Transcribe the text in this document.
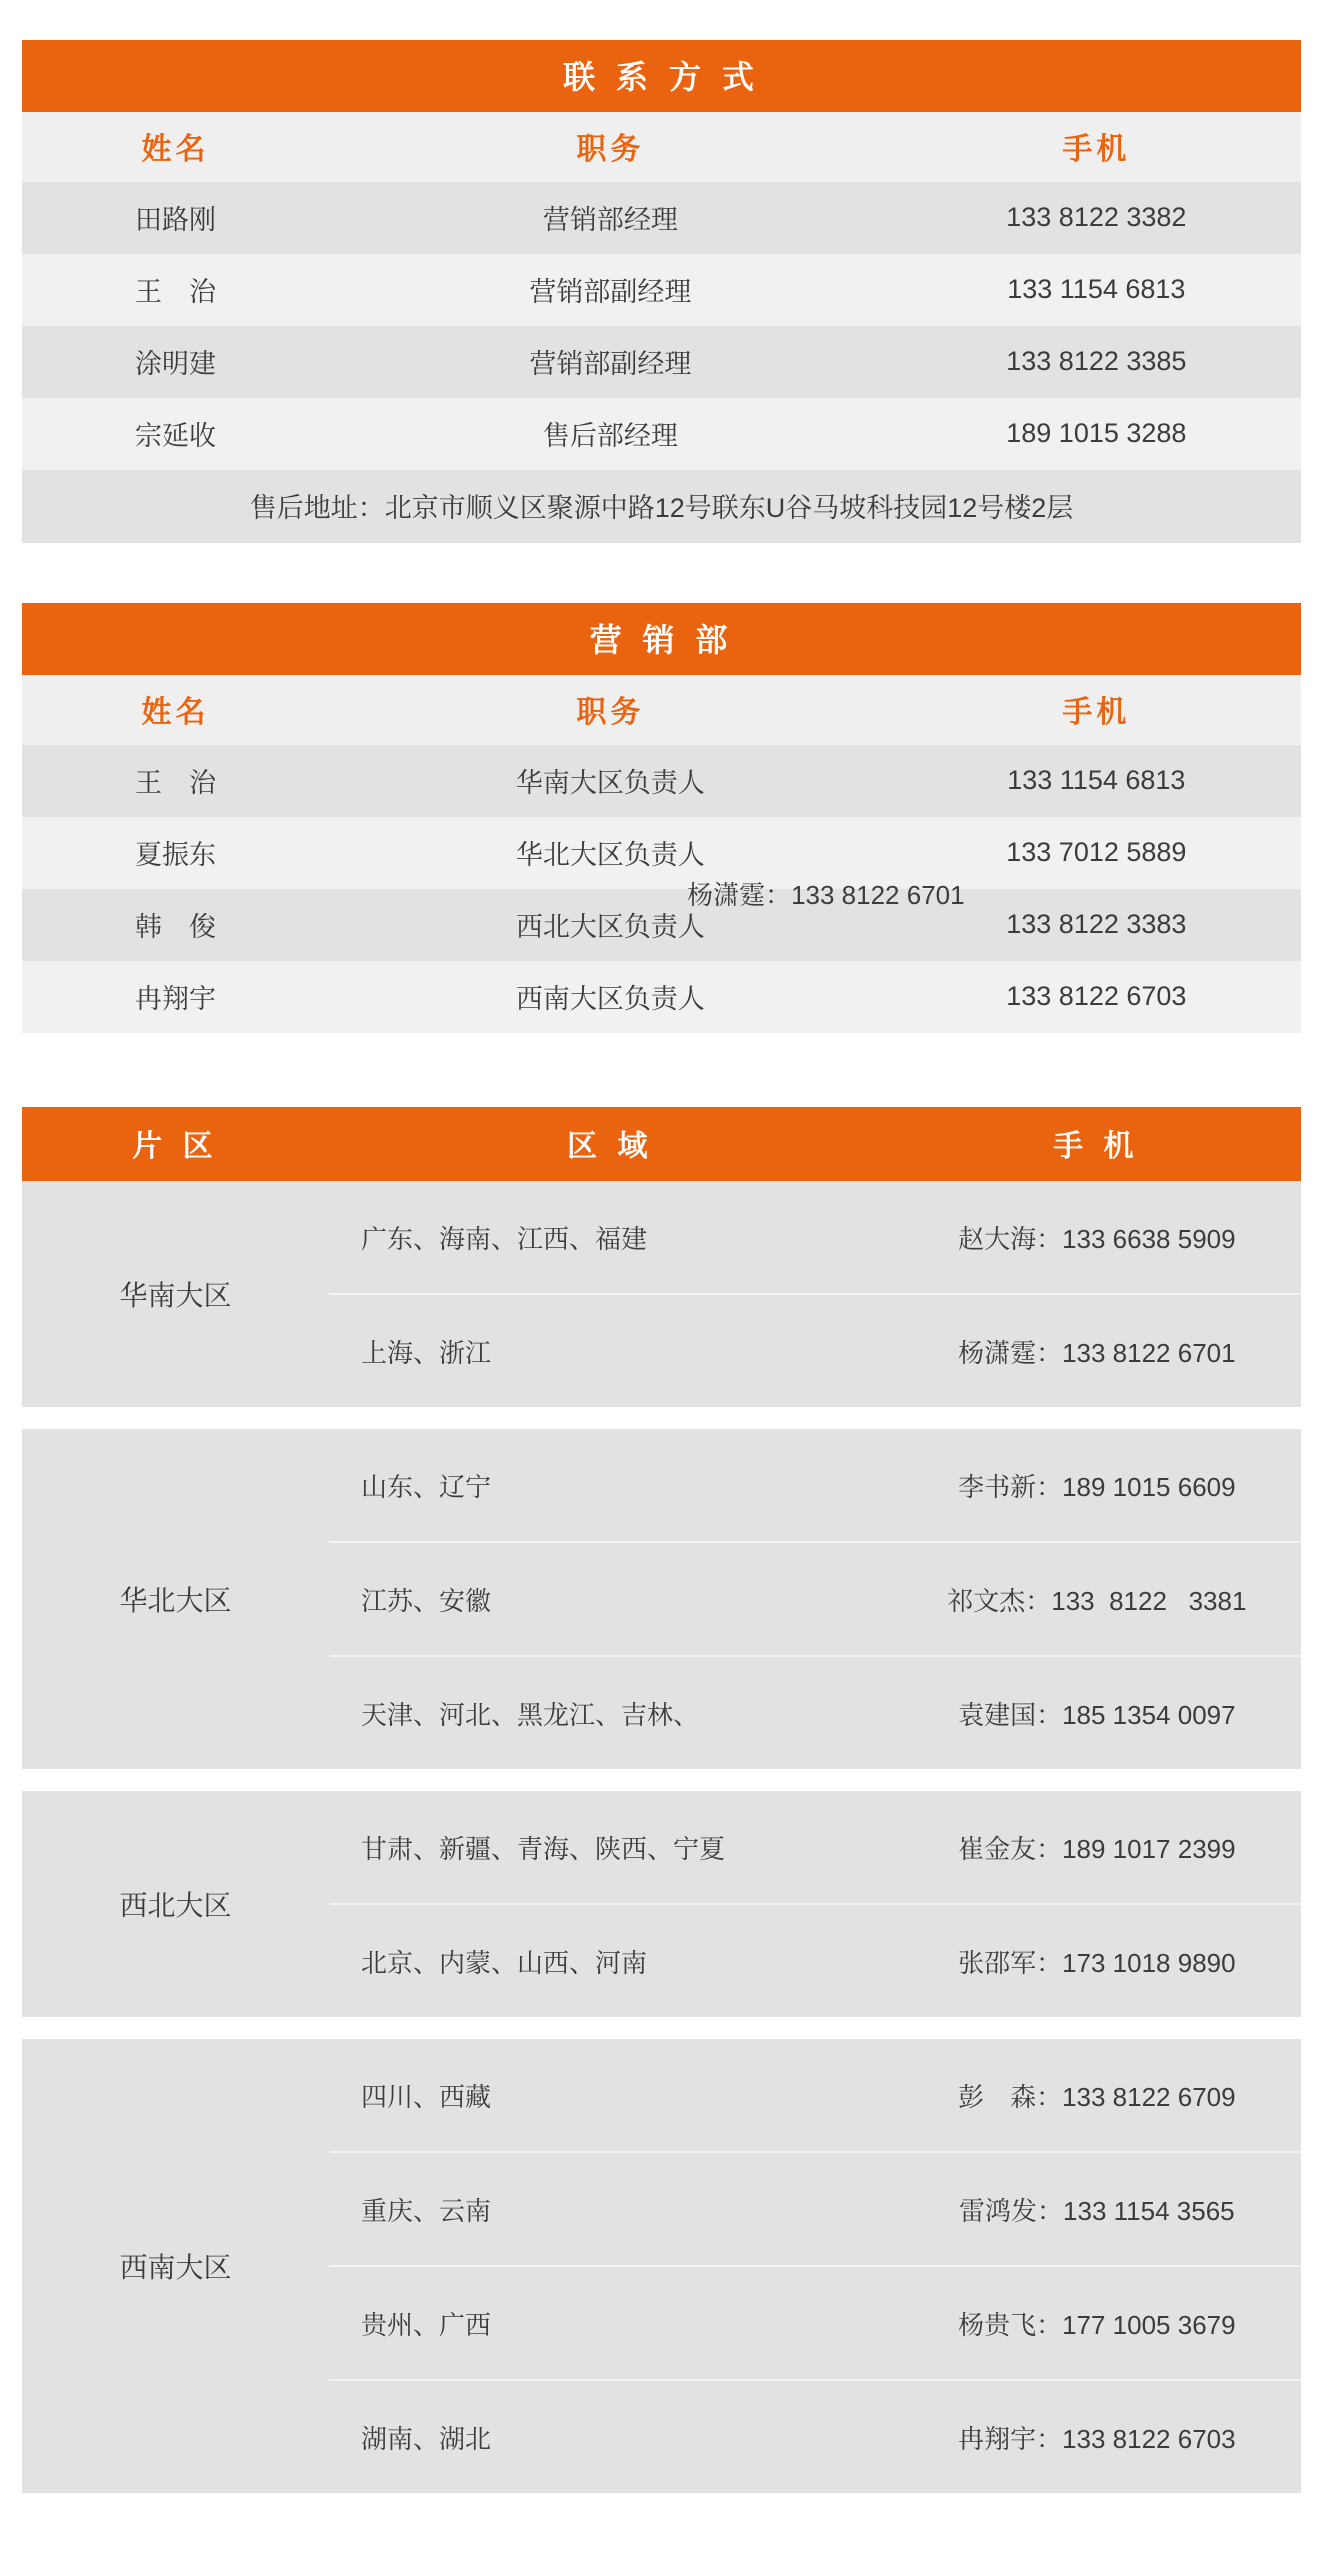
联 系 方 式		
姓名	职务	手机
田路刚	营销部经理	133 8122 3382
王　治	营销部副经理	133 1154 6813
涂明建	营销部副经理	133 8122 3385
宗延收	售后部经理	189 1015 3288
售后地址：北京市顺义区聚源中路12号联东U谷马坡科技园12号楼2层		
营 销 部		
姓名	职务	手机
王　治	华南大区负责人	133 1154 6813
夏振东	华北大区负责人	133 7012 5889
韩　俊	西北大区负责人	133 8122 3383
冉翔宇	西南大区负责人	133 8122 6703
杨潇霆：133 8122 6701
片 区	区 域	手 机
华南大区
广东、海南、江西、福建	赵大海：133 6638 5909
上海、浙江	杨潇霆：133 8122 6701
华北大区
山东、辽宁	李书新：189 1015 6609
江苏、安徽	祁文杰：133  8122   3381
天津、河北、黑龙江、吉林、	袁建国：185 1354 0097
西北大区
甘肃、新疆、青海、陕西、宁夏	崔金友：189 1017 2399
北京、内蒙、山西、河南	张邵军：173 1018 9890
西南大区
四川、西藏	彭　森：133 8122 6709
重庆、云南	雷鸿发：133 1154 3565
贵州、广西	杨贵飞：177 1005 3679
湖南、湖北	冉翔宇：133 8122 6703
